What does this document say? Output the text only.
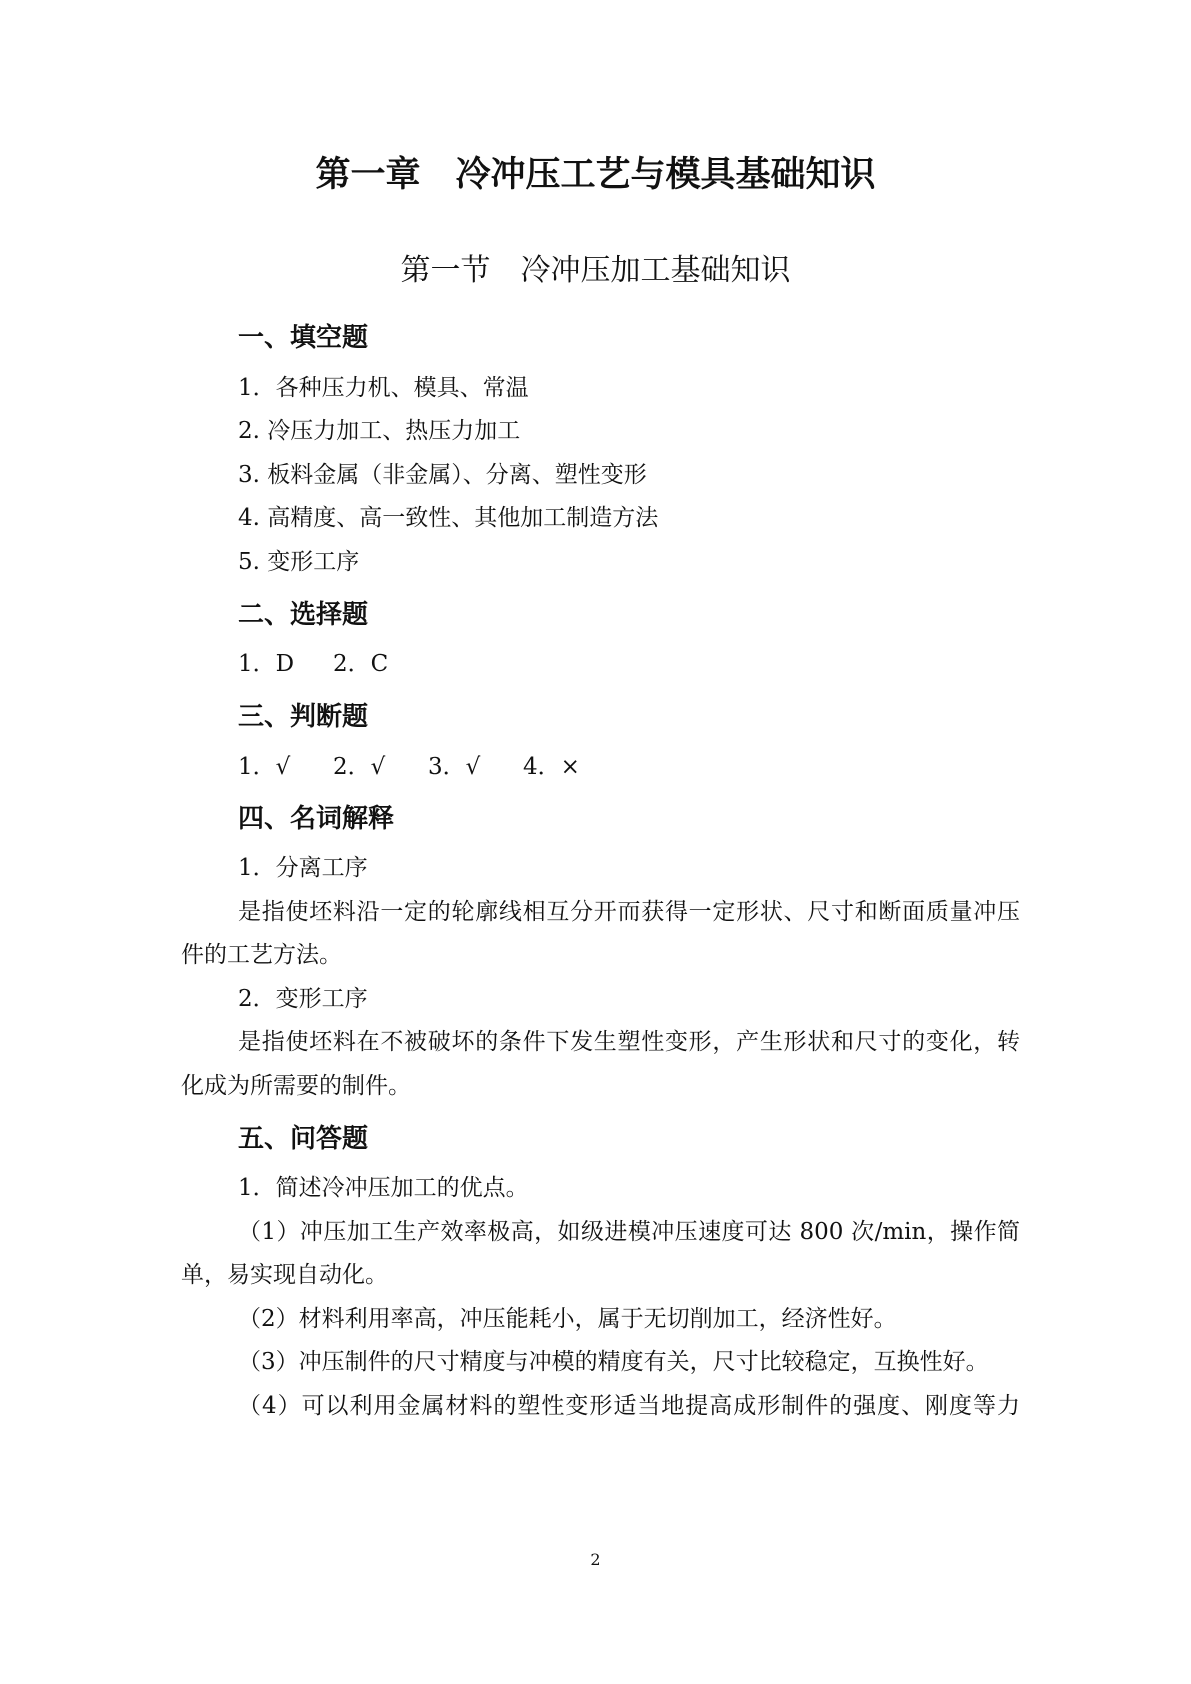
第一章　冷冲压工艺与模具基础知识
第一节　冷冲压加工基础知识
一、填空题
1．各种压力机、模具、常温
2. 冷压力加工、热压力加工
3. 板料金属（非金属）、分离、塑性变形
4. 高精度、高一致性、其他加工制造方法
5. 变形工序
二、选择题
1．D 2．C
三、判断题
1．√ 2．√ 3．√ 4．×
四、名词解释
1．分离工序
是指使坯料沿一定的轮廓线相互分开而获得一定形状、尺寸和断面质量冲压
件的工艺方法。
2．变形工序
是指使坯料在不被破坏的条件下发生塑性变形，产生形状和尺寸的变化，转
化成为所需要的制件。
五、问答题
1．简述冷冲压加工的优点。
（1）冲压加工生产效率极高，如级进模冲压速度可达 800 次/min，操作简
单，易实现自动化。
（2）材料利用率高，冲压能耗小，属于无切削加工，经济性好。
（3）冲压制件的尺寸精度与冲模的精度有关，尺寸比较稳定，互换性好。
（4）可以利用金属材料的塑性变形适当地提高成形制件的强度、刚度等力
2
